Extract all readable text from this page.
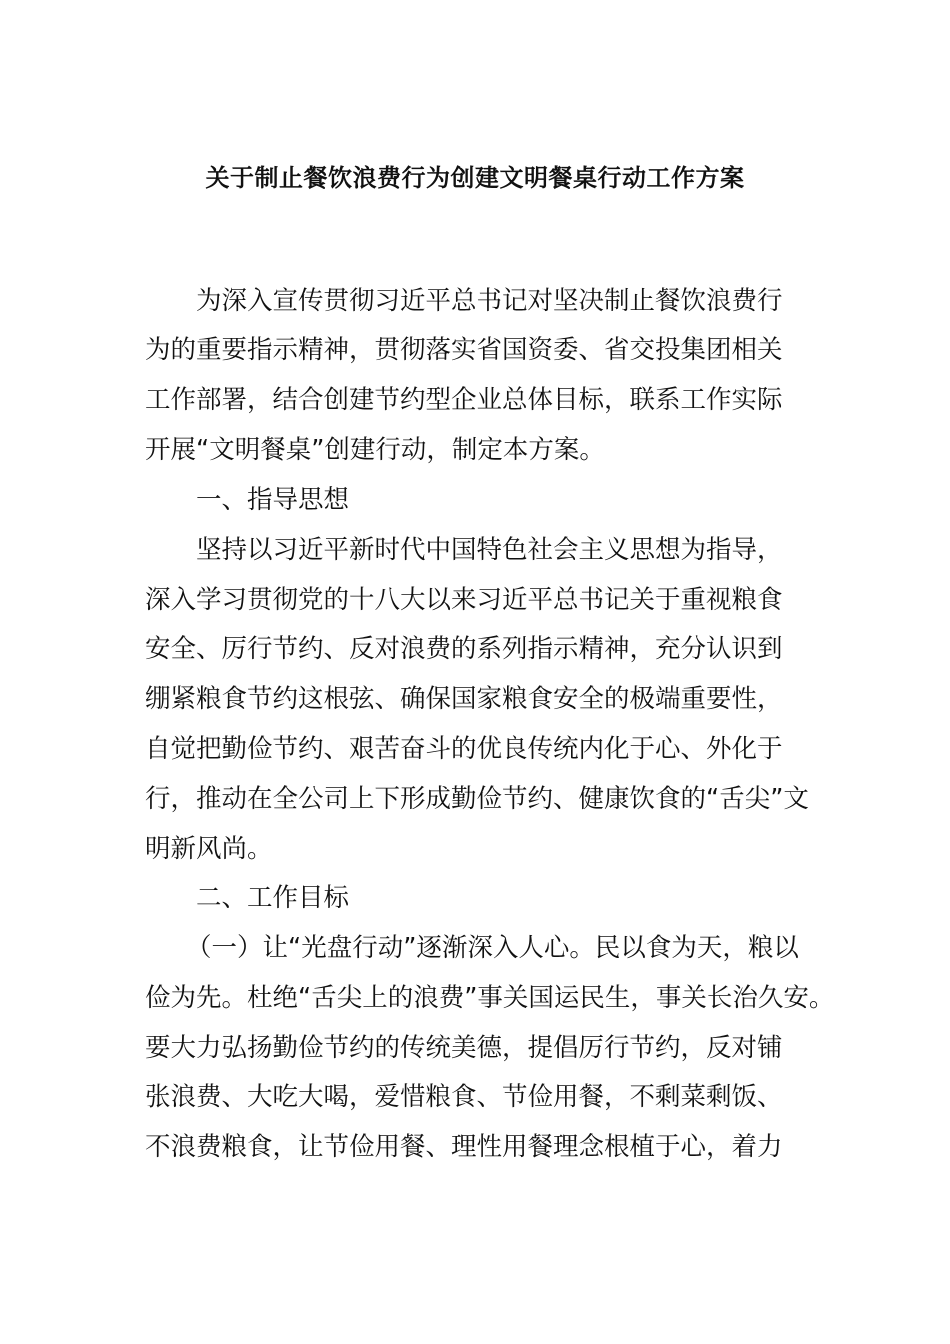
关于制止餐饮浪费行为创建文明餐桌行动工作方案
为深入宣传贯彻习近平总书记对坚决制止餐饮浪费行
为的重要指示精神，贯彻落实省国资委、省交投集团相关
工作部署，结合创建节约型企业总体目标，联系工作实际
开展“文明餐桌”创建行动，制定本方案。
一、指导思想
坚持以习近平新时代中国特色社会主义思想为指导，
深入学习贯彻党的十八大以来习近平总书记关于重视粮食
安全、厉行节约、反对浪费的系列指示精神，充分认识到
绷紧粮食节约这根弦、确保国家粮食安全的极端重要性，
自觉把勤俭节约、艰苦奋斗的优良传统内化于心、外化于
行，推动在全公司上下形成勤俭节约、健康饮食的“舌尖”文
明新风尚。
二、工作目标
（一）让“光盘行动”逐渐深入人心。民以食为天，粮以
俭为先。杜绝“舌尖上的浪费”事关国运民生，事关长治久安。
要大力弘扬勤俭节约的传统美德，提倡厉行节约，反对铺
张浪费、大吃大喝，爱惜粮食、节俭用餐，不剩菜剩饭、
不浪费粮食，让节俭用餐、理性用餐理念根植于心，着力
